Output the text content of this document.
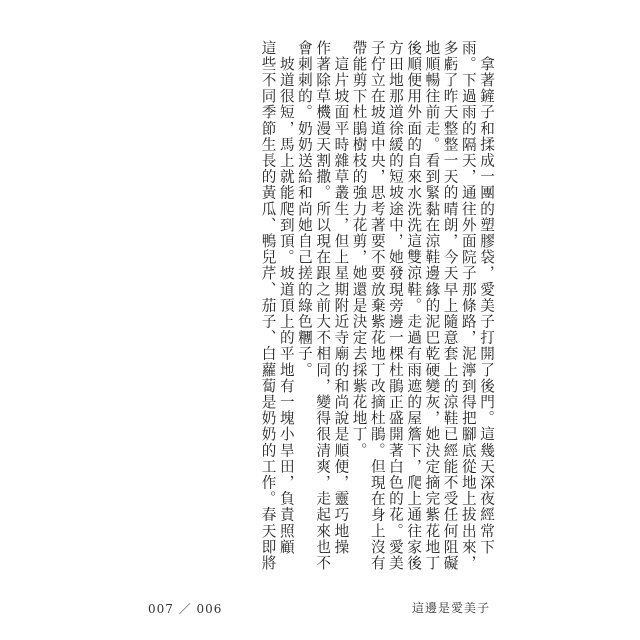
　拿著鏟子和揉成一團的塑膠袋，愛美子打開了後門。這幾天深夜經常下

雨。下過雨的隔天，通往外面院子那條路，泥濘到得把腳底從地上拔出來，

多虧了昨天整整一天的晴朗，今天早上隨意套上的涼鞋已經能不受任何阻礙

地順暢往前走。看到緊黏在涼鞋邊緣的泥巴乾硬變灰，她決定摘完紫花地丁

後順便用外面的自來水洗洗這雙涼鞋。走過有雨遮的屋簷下，爬上通往家後

方田地那道徐緩的短坡途中，她發現旁邊一棵杜鵑正盛開著白色的花。愛美

子佇立在坡道中央，思考著要不要放棄紫花地丁改摘杜鵑。但現在身上沒有

帶能剪下杜鵑樹枝的強力花剪，她還是決定去採紫花地丁。

　這片坡面平時雜草叢生，但上星期附近寺廟的和尚說是順便，靈巧地操

作著除草機漫天割撒。所以現在跟之前大不相同，變得很清爽，走起來也不

會刺刺的。奶奶送給和尚她自己搓的綠色糰子。

　坡道很短，馬上就能爬到頂。坡道頂上的平地有一塊小旱田，負責照顧

這些不同季節生長的黃瓜、鴨兒芹、茄子、白蘿蔔是奶奶的工作。春天即將

007 ／ 006	這邊是愛美子
